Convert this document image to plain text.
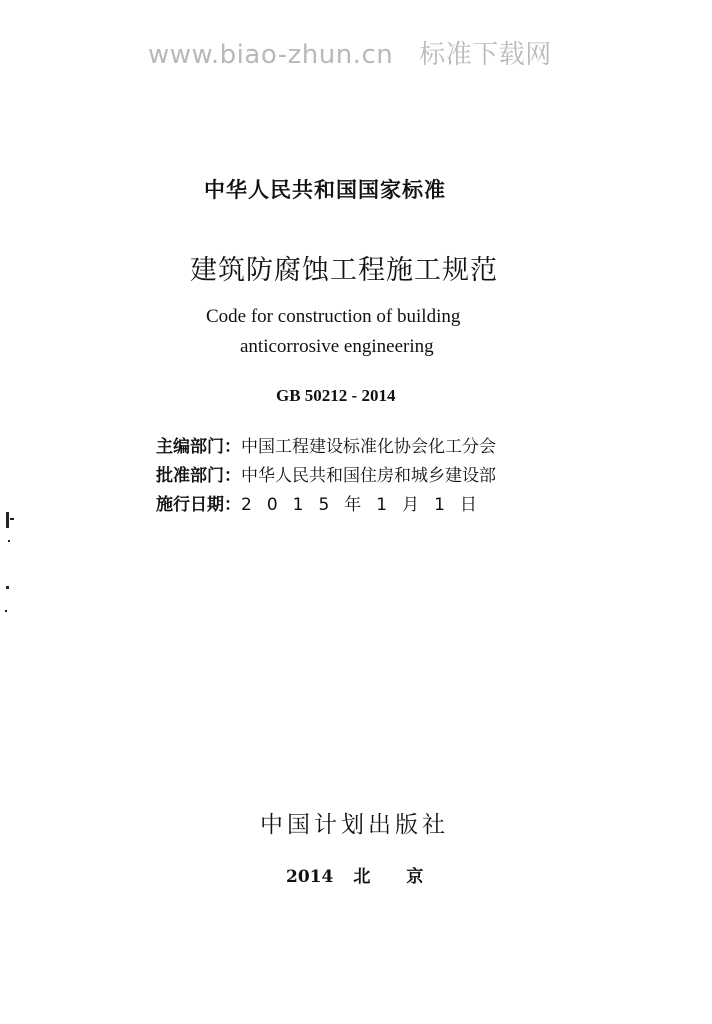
www.biao-zhun.cn 标准下载网
中华人民共和国国家标准
建筑防腐蚀工程施工规范
Code for construction of building
anticorrosive engineering
GB 50212 - 2014
主编部门：中国工程建设标准化协会化工分会
批准部门：中华人民共和国住房和城乡建设部
施行日期：2015年1月1日
中国计划出版社
2014 北 京
